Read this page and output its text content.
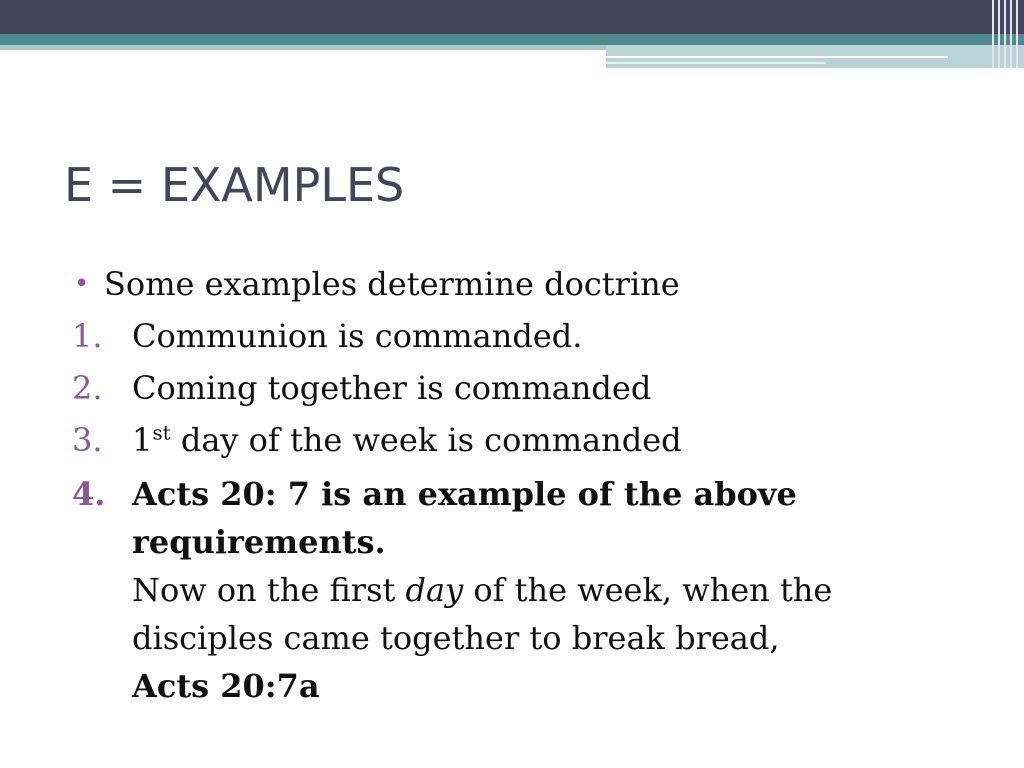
E = EXAMPLES
• Some examples determine doctrine
1. Communion is commanded.
2. Coming together is commanded
3. 1st day of the week is commanded
4. Acts 20: 7 is an example of the above
requirements.
Now on the first day of the week, when the
disciples came together to break bread,
Acts 20:7a
